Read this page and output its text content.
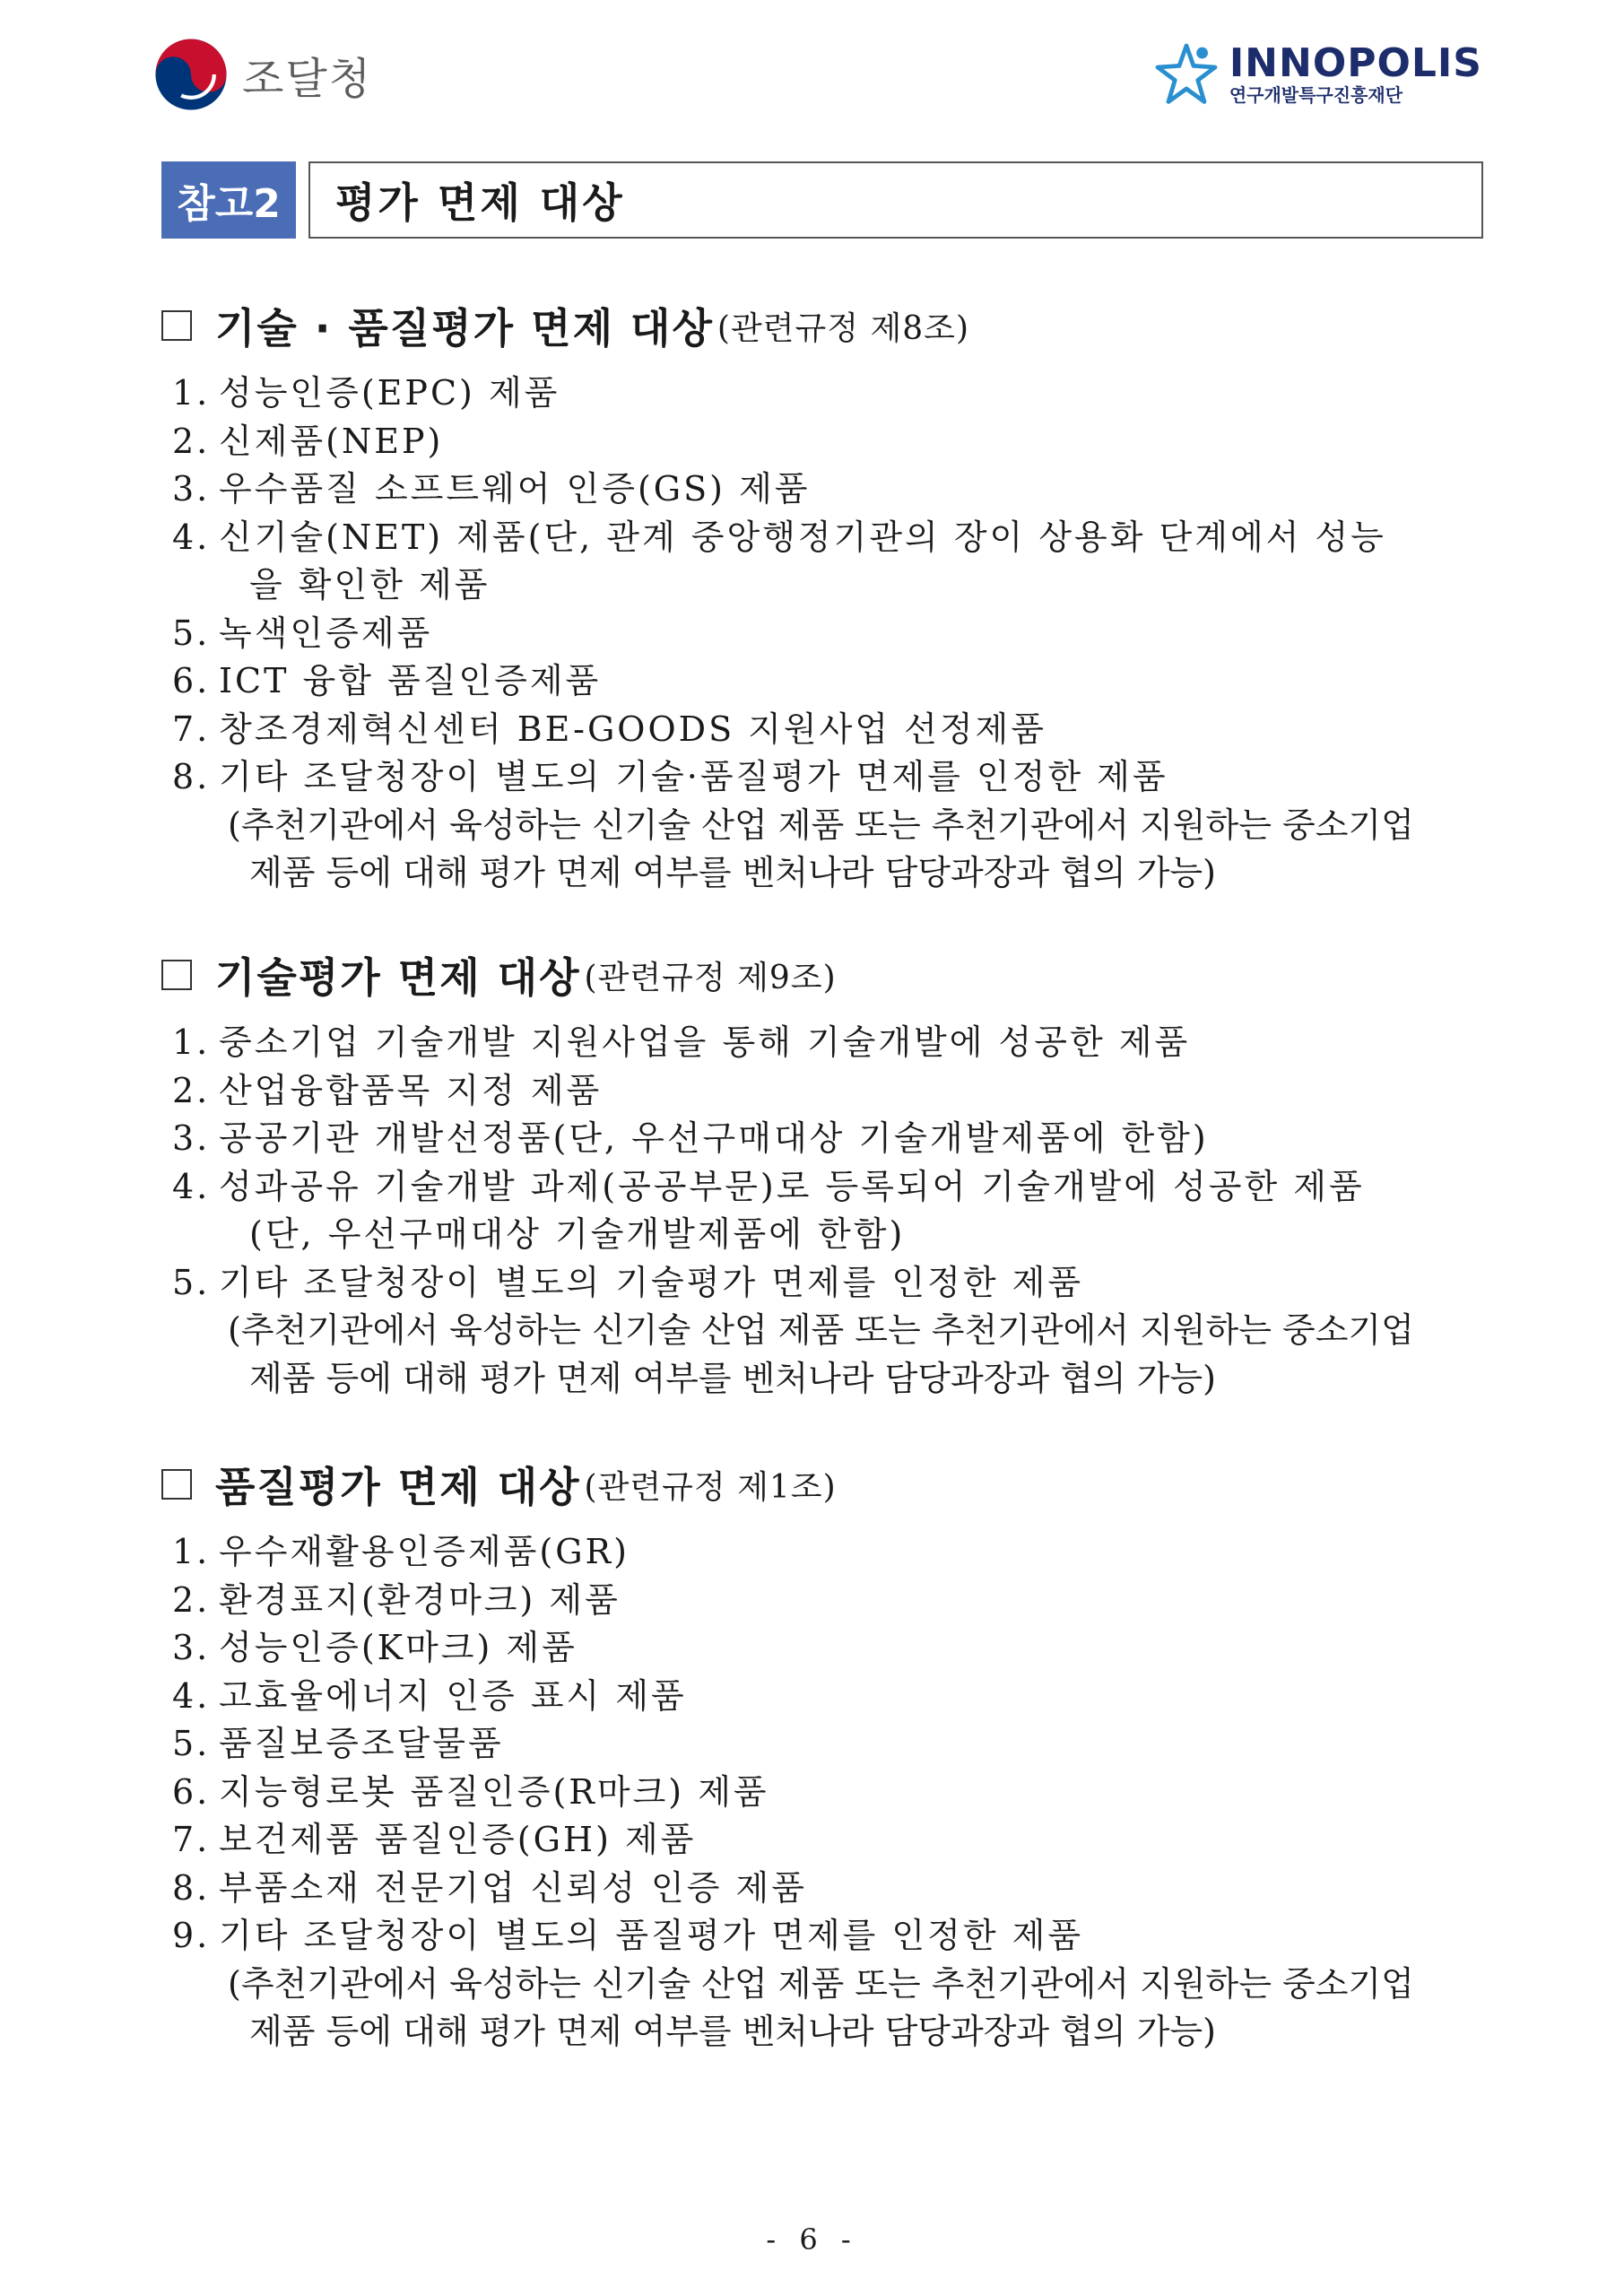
조달청	INNOPOLIS
연구개발특구진흥재단
참고2	평가 면제 대상
기술 · 품질평가 면제 대상 (관련규정 제8조)
1. 성능인증(EPC) 제품
2. 신제품(NEP)
3. 우수품질 소프트웨어 인증(GS) 제품
4. 신기술(NET) 제품(단, 관계 중앙행정기관의 장이 상용화 단계에서 성능
을 확인한 제품
5. 녹색인증제품
6. ICT 융합 품질인증제품
7. 창조경제혁신센터 BE-GOODS 지원사업 선정제품
8. 기타 조달청장이 별도의 기술·품질평가 면제를 인정한 제품
(추천기관에서 육성하는 신기술 산업 제품 또는 추천기관에서 지원하는 중소기업
제품 등에 대해 평가 면제 여부를 벤처나라 담당과장과 협의 가능)
기술평가 면제 대상 (관련규정 제9조)
1. 중소기업 기술개발 지원사업을 통해 기술개발에 성공한 제품
2. 산업융합품목 지정 제품
3. 공공기관 개발선정품(단, 우선구매대상 기술개발제품에 한함)
4. 성과공유 기술개발 과제(공공부문)로 등록되어 기술개발에 성공한 제품
(단, 우선구매대상 기술개발제품에 한함)
5. 기타 조달청장이 별도의 기술평가 면제를 인정한 제품
(추천기관에서 육성하는 신기술 산업 제품 또는 추천기관에서 지원하는 중소기업
제품 등에 대해 평가 면제 여부를 벤처나라 담당과장과 협의 가능)
품질평가 면제 대상 (관련규정 제1조)
1. 우수재활용인증제품(GR)
2. 환경표지(환경마크) 제품
3. 성능인증(K마크) 제품
4. 고효율에너지 인증 표시 제품
5. 품질보증조달물품
6. 지능형로봇 품질인증(R마크) 제품
7. 보건제품 품질인증(GH) 제품
8. 부품소재 전문기업 신뢰성 인증 제품
9. 기타 조달청장이 별도의 품질평가 면제를 인정한 제품
(추천기관에서 육성하는 신기술 산업 제품 또는 추천기관에서 지원하는 중소기업
제품 등에 대해 평가 면제 여부를 벤처나라 담당과장과 협의 가능)
- 6 -
